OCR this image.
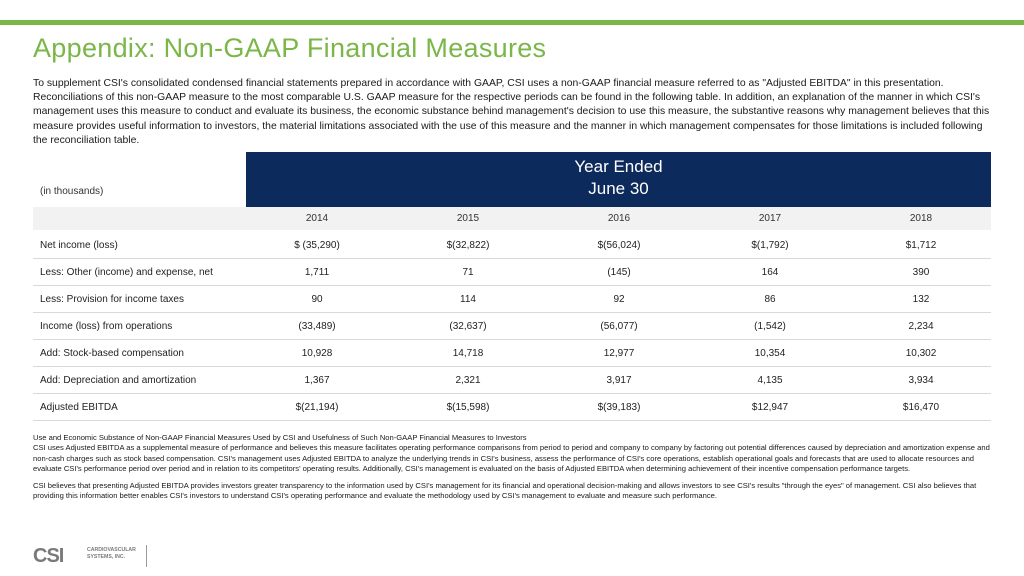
Appendix: Non-GAAP Financial Measures
To supplement CSI's consolidated condensed financial statements prepared in accordance with GAAP, CSI uses a non-GAAP financial measure referred to as "Adjusted EBITDA" in this presentation. Reconciliations of this non-GAAP measure to the most comparable U.S. GAAP measure for the respective periods can be found in the following table. In addition, an explanation of the manner in which CSI's management uses this measure to conduct and evaluate its business, the economic substance behind management's decision to use this measure, the substantive reasons why management believes that this measure provides useful information to investors, the material limitations associated with the use of this measure and the manner in which management compensates for those limitations is included following the reconciliation table.
Year Ended
June 30
(in thousands)
2014	2015	2016	2017	2018
Net income (loss)	$ (35,290)	$(32,822)	$(56,024)	$(1,792)	$1,712
Less: Other (income) and expense, net	1,711	71	(145)	164	390
Less: Provision for income taxes	90	114	92	86	132
Income (loss) from operations	(33,489)	(32,637)	(56,077)	(1,542)	2,234
Add: Stock-based compensation	10,928	14,718	12,977	10,354	10,302
Add: Depreciation and amortization	1,367	2,321	3,917	4,135	3,934
Adjusted EBITDA	$(21,194)	$(15,598)	$(39,183)	$12,947	$16,470
Use and Economic Substance of Non-GAAP Financial Measures Used by CSI and Usefulness of Such Non-GAAP Financial Measures to Investors

CSI uses Adjusted EBITDA as a supplemental measure of performance and believes this measure facilitates operating performance comparisons from period to period and company to company by factoring out potential differences caused by depreciation and amortization expense and non-cash charges such as stock based compensation. CSI's management uses Adjusted EBITDA to analyze the underlying trends in CSI's business, assess the performance of CSI's core operations, establish operational goals and forecasts that are used to allocate resources and evaluate CSI's performance period over period and in relation to its competitors' operating results. Additionally, CSI's management is evaluated on the basis of Adjusted EBITDA when determining achievement of their incentive compensation performance targets.

CSI believes that presenting Adjusted EBITDA provides investors greater transparency to the information used by CSI's management for its financial and operational decision-making and allows investors to see CSI's results "through the eyes" of management. CSI also believes that providing this information better enables CSI's investors to understand CSI's operating performance and evaluate the methodology used by CSI's management to evaluate and measure such performance.

CSI	CARDIOVASCULAR
SYSTEMS, INC.
